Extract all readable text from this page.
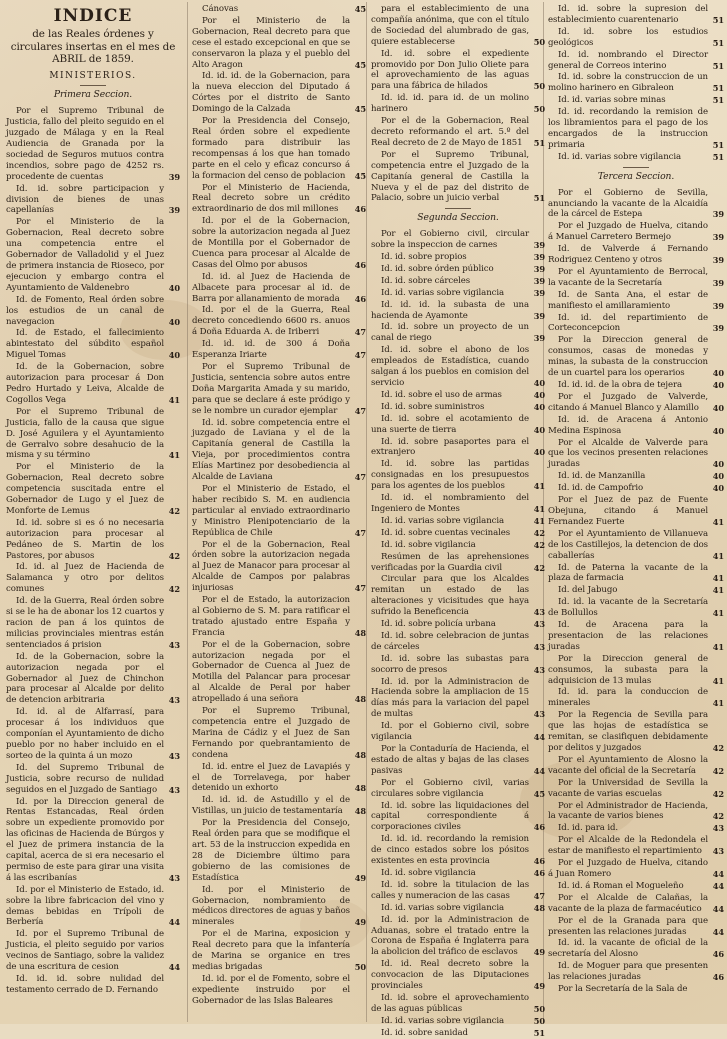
INDICE
de las Reales órdenes y circulares insertas en el mes de ABRIL de 1859.
MINISTERIOS.
Primera Seccion.
Por el Supremo Tribunal de Justicia, fallo del pleito seguido en el juzgado de Málaga y en la Real Audiencia de Granada por la sociedad de Seguros mutuos contra incendios, sobre pago de 4252 rs. procedente de cuentas	39
Id. id. sobre participacion y division de bienes de unas capellanías	39
Por el Ministerio de la Gobernacion, Real decreto sobre una competencia entre el Gobernador de Valladolid y el Juez de primera instancia de Rioseco, por ejecucion y embargo contra el Ayuntamiento de Valdenebro	40
Id. de Fomento, Real órden sobre los estudios de un canal de navegacion	40
Id. de Estado, el fallecimiento abintestato del súbdito español Miguel Tomas	40
Id. de la Gobernacion, sobre autorizacion para procesar á Don Pedro Hurtado y Leiva, Alcalde de Cogollos Vega	41
Por el Supremo Tribunal de Justicia, fallo de la causa que sigue D. José Aguilera y el Ayuntamiento de Gerralvo sobre desahucio de la misma y su término	41
Por el Ministerio de la Gobernacion, Real decreto sobre competencia suscitada entre el Gobernador de Lugo y el Juez de Monforte de Lemus	42
Id. id. sobre si es ó no necesaria autorizacion para procesar al Pedáneo de S. Martin de los Pastores, por abusos	42
Id. id. al Juez de Hacienda de Salamanca y otro por delitos comunes	42
Id. de la Guerra, Real órden sobre si se le ha de abonar los 12 cuartos y racion de pan á los quintos de milicias provinciales mientras están sentenciados á prision	43
Id. de la Gobernacion, sobre la autorizacion negada por el Gobernador al Juez de Chinchon para procesar al Alcalde por delito de detencion arbitraria	43
Id. id. al de Alfarrasí, para procesar á los individuos que componían el Ayuntamiento de dicho pueblo por no haber incluido en el sorteo de la quinta á un mozo	43
Id. del Supremo Tribunal de Justicia, sobre recurso de nulidad seguidos en el Juzgado de Santiago	43
Id. por la Direccion general de Rentas Estancadas, Real órden sobre un expediente promovido por las oficinas de Hacienda de Búrgos y el Juez de primera instancia de la capital, acerca de si era necesario el permiso de este para girar una visita á las escribanías	43
Id. por el Ministerio de Estado, id. sobre la libre fabricacion del vino y demas bebidas en Trípoli de Berbería	44
Id. por el Supremo Tribunal de Justicia, el pleito seguido por varios vecinos de Santiago, sobre la validez de una escritura de cesion	44
Id. id. id. sobre nulidad del testamento cerrado de D. Fernando
Cánovas	45
Por el Ministerio de la Gobernacion, Real decreto para que cese el estado excepcional en que se conservaron la plaza y el pueblo del Alto Aragon	45
Id. id. id. de la Gobernacion, para la nueva eleccion del Diputado á Córtes por el distrito de Santo Domingo de la Calzada	45
Por la Presidencia del Consejo, Real órden sobre el expediente formado para distribuir las recompensas á los que han tomado parte en el celo y eficaz concurso á la formacion del censo de poblacion	45
Por el Ministerio de Hacienda, Real decreto sobre un crédito extraordinario de dos mil millones	46
Id. por el de la Gobernacion, sobre la autorizacion negada al Juez de Montilla por el Gobernador de Cuenca para procesar al Alcalde de Casas del Olmo por abusos	46
Id. id. al Juez de Hacienda de Albacete para procesar al id. de Barra por allanamiento de morada	46
Id. por el de la Guerra, Real decreto concediendo 6600 rs. anuos á Doña Eduarda A. de Iriberri	47
Id. id. id. de 300 á Doña Esperanza Iriarte	47
Por el Supremo Tribunal de Justicia, sentencia sobre autos entre Doña Margarita Amada y su marido, para que se declare á este pródigo y se le nombre un curador ejemplar	47
Id. id. sobre competencia entre el juzgado de Laviana y el de la Capitanía general de Castilla la Vieja, por procedimientos contra Elías Martinez por desobediencia al Alcalde de Laviana	47
Por el Ministerio de Estado, el haber recibido S. M. en audiencia particular al enviado extraordinario y Ministro Plenipotenciario de la República de Chile	47
Por el de la Gobernacion, Real órden sobre la autorizacion negada al Juez de Manacor para procesar al Alcalde de Campos por palabras injuriosas	47
Por el de Estado, la autorizacion al Gobierno de S. M. para ratificar el tratado ajustado entre España y Francia	48
Por el de la Gobernacion, sobre autorizacion negada por el Gobernador de Cuenca al Juez de Motilla del Palancar para procesar al Alcalde de Peral por haber atropellado á una señora	48
Por el Supremo Tribunal, competencia entre el Juzgado de Marina de Cádiz y el Juez de San Fernando por quebrantamiento de condena	48
Id. id. entre el Juez de Lavapiés y el de Torrelavega, por haber detenido un exhorto	48
Id. id. id. de Astudillo y el de Vistillas, un juicio de testamentaría	48
Por la Presidencia del Consejo, Real órden para que se modifique el art. 53 de la instruccion expedida en 28 de Diciembre último para gobierno de las comisiones de Estadística	49
Id. por el Ministerio de Gobernacion, nombramiento de médicos directores de aguas y baños minerales	49
Por el de Marina, exposicion y Real decreto para que la infantería de Marina se organice en tres medias brigadas	50
Id. id. por el de Fomento, sobre el expediente instruido por el Gobernador de las Islas Baleares
para el establecimiento de una compañía anónima, que con el título de Sociedad del alumbrado de gas, quiere establecerse	50
Id. id. sobre el expediente promovido por Don Julio Oliete para el aprovechamiento de las aguas para una fábrica de hilados	50
Id. id. id. para id. de un molino harinero	50
Por el de la Gobernacion, Real decreto reformando el art. 5.º del Real decreto de 2 de Mayo de 1851	51
Por el Supremo Tribunal, competencia entre el Juzgado de la Capitanía general de Castilla la Nueva y el de paz del distrito de Palacio, sobre un juicio verbal	51
Segunda Seccion.
Por el Gobierno civil, circular sobre la inspeccion de carnes	39
Id. id. sobre propios	39
Id. id. sobre órden público	39
Id. id. sobre cárceles	39
Id. id. varias sobre vigilancia	39
Id. id. id. la subasta de una hacienda de Ayamonte	39
Id. id. sobre un proyecto de un canal de riego	39
Id. id. sobre el abono de los empleados de Estadística, cuando salgan á los pueblos en comision del servicio	40
Id. id. sobre el uso de armas	40
Id. id. sobre suministros	40
Id. id. sobre el acotamiento de una suerte de tierra	40
Id. id. sobre pasaportes para el extranjero	40
Id. id. sobre las partidas consignadas en los presupuestos para los agentes de los pueblos	41
Id. id. el nombramiento del Ingeniero de Montes	41
Id. id. varias sobre vigilancia	41
Id. id. sobre cuentas vecinales	42
Id. id. sobre vigilancia	42
Resúmen de las aprehensiones verificadas por la Guardia civil	42
Circular para que los Alcaldes remitan un estado de las alteraciones y vicisitudes que haya sufrido la Beneficencia	43
Id. id. sobre policía urbana	43
Id. id. sobre celebracion de juntas de cárceles	43
Id. id. sobre las subastas para socorro de presos	43
Id. id. por la Administracion de Hacienda sobre la ampliacion de 15 días más para la variacion del papel de multas	43
Id. por el Gobierno civil, sobre vigilancia	44
Por la Contaduría de Hacienda, el estado de altas y bajas de las clases pasivas	44
Por el Gobierno civil, varias circulares sobre vigilancia	45
Id. id. sobre las liquidaciones del capital correspondiente á corporaciones civiles	46
Id. id. id. recordando la remision de cinco estados sobre los pósitos existentes en esta provincia	46
Id. id. sobre vigilancia	46
Id. id. sobre la titulacion de las calles y numeracion de las casas	47
Id. id. varias sobre vigilancia	48
Id. id. por la Administracion de Aduanas, sobre el tratado entre la Corona de España é Inglaterra para la abolicion del tráfico de esclavos	49
Id. id. Real decreto sobre la convocacion de las Diputaciones provinciales	49
Id. id. sobre el aprovechamiento de las aguas públicas	50
Id. id. varias sobre vigilancia	50
Id. id. sobre sanidad	51
Id. id. sobre la supresion del establecimiento cuarentenario	51
Id. id. sobre los estudios geológicos	51
Id. id. nombrando el Director general de Correos interino	51
Id. id. sobre la construccion de un molino harinero en Gibraleon	51
Id. id. varias sobre minas	51
Id. id. recordando la remision de los libramientos para el pago de los encargados de la instruccion primaria	51
Id. id. varias sobre vigilancia	51
Tercera Seccion.
Por el Gobierno de Sevilla, anunciando la vacante de la Alcaidía de la cárcel de Estepa	39
Por el Juzgado de Huelva, citando á Manuel Carretero Bermejo	39
Id. de Valverde á Fernando Rodriguez Centeno y otros	39
Por el Ayuntamiento de Berrocal, la vacante de la Secretaría	39
Id. de Santa Ana, el estar de manifiesto el amillaramiento	39
Id. id. del repartimiento de Corteconcepcion	39
Por la Direccion general de consumos, casas de monedas y minas, la subasta de la construccion de un cuartel para los operarios	40
Id. id. id. de la obra de tejera	40
Por el Juzgado de Valverde, citando á Manuel Blanco y Alamillo	40
Id. id. de Aracena á Antonio Medina Espinosa	40
Por el Alcalde de Valverde para que los vecinos presenten relaciones juradas	40
Id. id. de Manzanilla	40
Id. id. de Campofrio	40
Por el Juez de paz de Fuente Obejuna, citando á Manuel Fernandez Fuerte	41
Por el Ayuntamiento de Villanueva de los Castillejos, la detencion de dos caballerías	41
Id. de Paterna la vacante de la plaza de farmacia	41
Id. del Jabugo	41
Id. id. la vacante de la Secretaría de Bollullos	41
Id. de Aracena para la presentacion de las relaciones juradas	41
Por la Direccion general de consumos, la subasta para la adquisicion de 13 mulas	41
Id. id. para la conduccion de minerales	41
Por la Regencia de Sevilla para que las hojas de estadística se remitan, se clasifiquen debidamente por delitos y juzgados	42
Por el Ayuntamiento de Alosno la vacante del oficial de la Secretaría	42
Por la Universidad de Sevilla la vacante de varias escuelas	42
Por el Administrador de Hacienda, la vacante de varios bienes	42
Id. id. para id.	43
Por el Alcalde de la Redondela el estar de manifiesto el repartimiento	43
Por el Juzgado de Huelva, citando á Juan Romero	44
Id. id. á Roman el Mogueleño	44
Por el Alcalde de Calañas, la vacante de la plaza de farmacéutico	44
Por el de la Granada para que presenten las relaciones juradas	44
Id. id. la vacante de oficial de la secretaría del Alosno	46
Id. de Moguer para que presenten las relaciones juradas	46
Por la Secretaría de la Sala de
